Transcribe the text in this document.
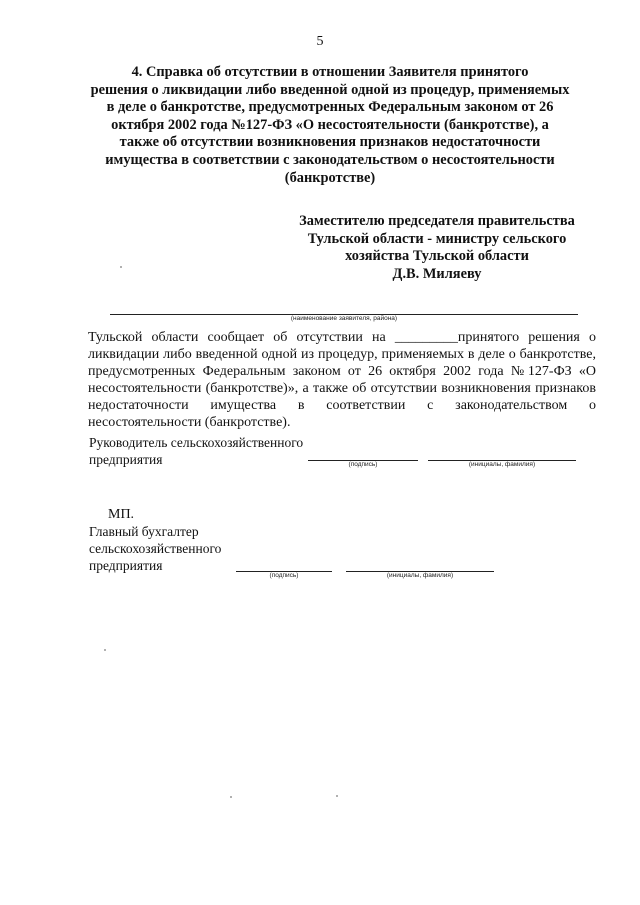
5
4. Справка об отсутствии в отношении Заявителя принятого
решения о ликвидации либо введенной одной из процедур, применяемых
в деле о банкротстве, предусмотренных Федеральным законом от 26
октября 2002 года №127-ФЗ «О несостоятельности (банкротстве), а
также об отсутствии возникновения признаков недостаточности
имущества в соответствии с законодательством о несостоятельности
(банкротстве)
Заместителю председателя правительства
Тульской области - министру сельского
хозяйства Тульской области
Д.В. Миляеву
(наименование заявителя, района)

Тульской области сообщает об отсутствии на _________принятого решения о ликвидации либо введенной одной из процедур, применяемых в деле о банкротстве, предусмотренных Федеральным законом от 26 октября 2002 года №127-ФЗ «О несостоятельности (банкротстве)», а также об отсутствии возникновения признаков недостаточности имущества в соответствии с законодательством о несостоятельности (банкротстве).

Руководитель сельскохозяйственного
предприятия	(подпись)	(инициалы, фамилия)
МП.
Главный бухгалтер
сельскохозяйственного
предприятия
(подпись)	(инициалы, фамилия)
